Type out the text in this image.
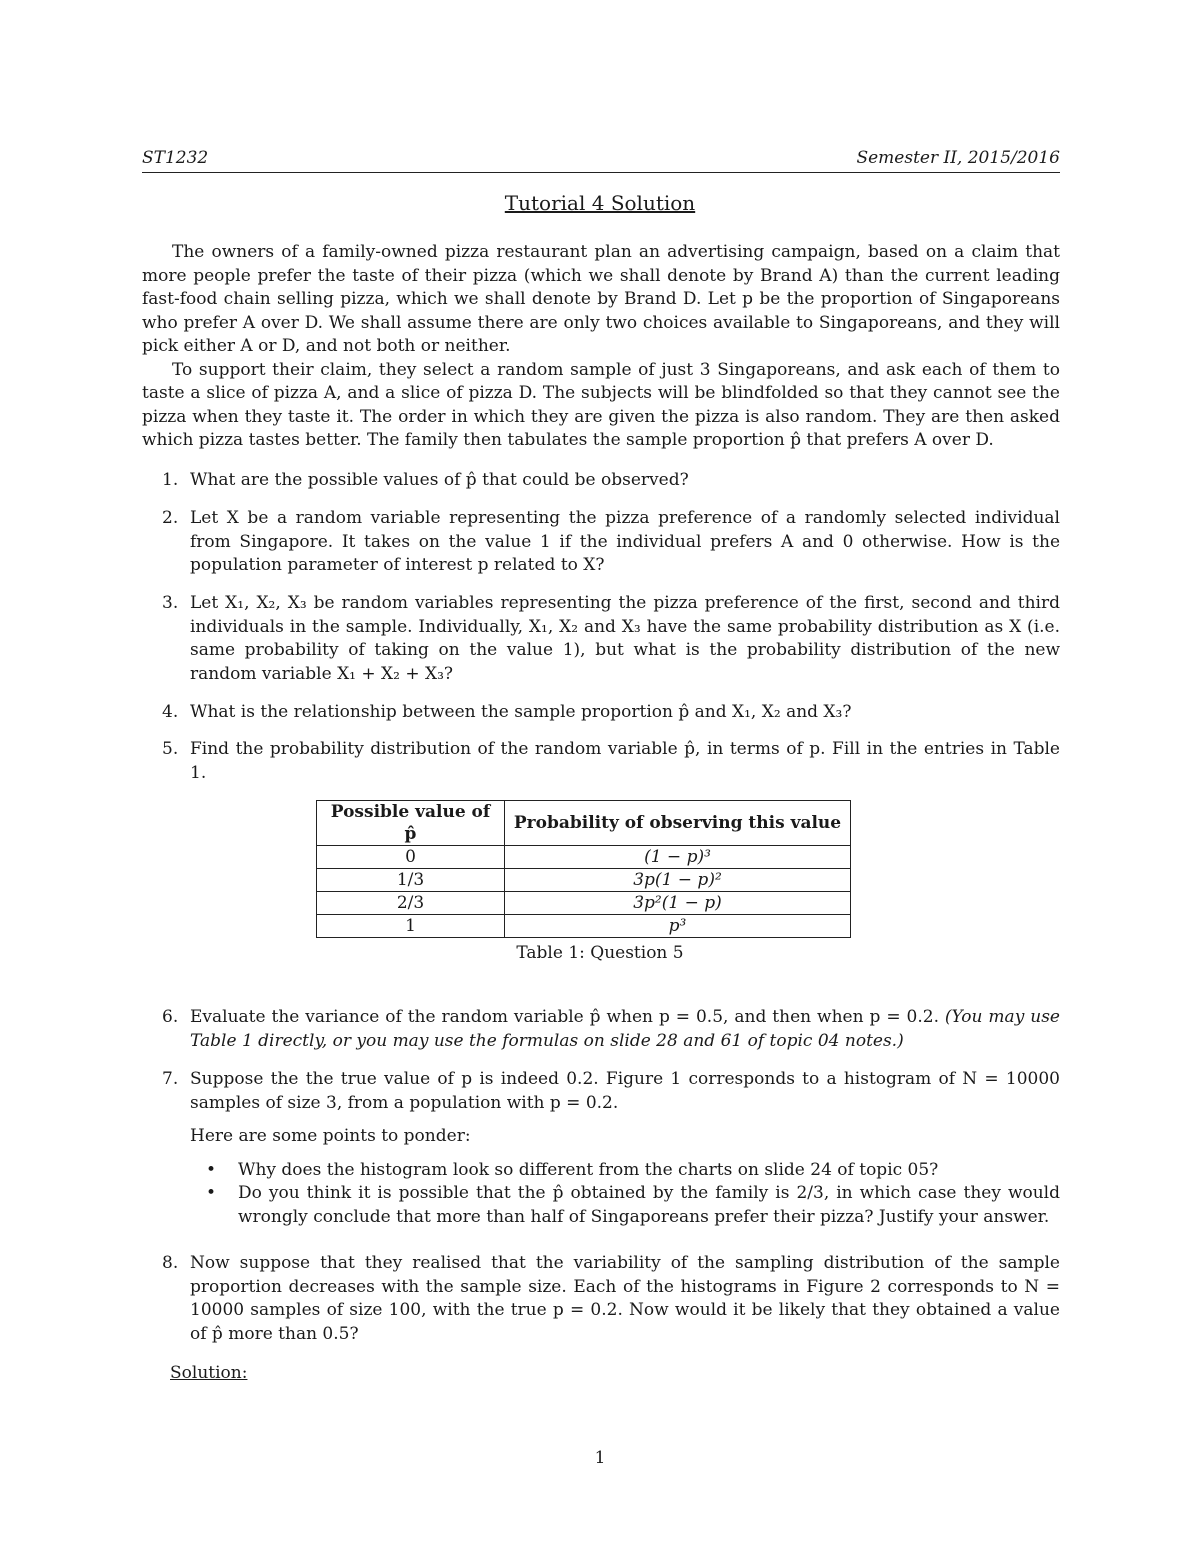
ST1232	Semester II, 2015/2016
Tutorial 4 Solution

The owners of a family-owned pizza restaurant plan an advertising campaign, based on a claim that more people prefer the taste of their pizza (which we shall denote by Brand A) than the current leading fast-food chain selling pizza, which we shall denote by Brand D. Let p be the proportion of Singaporeans who prefer A over D. We shall assume there are only two choices available to Singaporeans, and they will pick either A or D, and not both or neither.

To support their claim, they select a random sample of just 3 Singaporeans, and ask each of them to taste a slice of pizza A, and a slice of pizza D. The subjects will be blindfolded so that they cannot see the pizza when they taste it. The order in which they are given the pizza is also random. They are then asked which pizza tastes better. The family then tabulates the sample proportion p̂ that prefers A over D.

1. What are the possible values of p̂ that could be observed?

2. Let X be a random variable representing the pizza preference of a randomly selected individual from Singapore. It takes on the value 1 if the individual prefers A and 0 otherwise. How is the population parameter of interest p related to X?

3. Let X₁, X₂, X₃ be random variables representing the pizza preference of the first, second and third individuals in the sample. Individually, X₁, X₂ and X₃ have the same probability distribution as X (i.e. same probability of taking on the value 1), but what is the probability distribution of the new random variable X₁ + X₂ + X₃?

4. What is the relationship between the sample proportion p̂ and X₁, X₂ and X₃?

5. Find the probability distribution of the random variable p̂, in terms of p. Fill in the entries in Table 1.

Possible value of p̂	Probability of observing this value
0	(1 − p)³
1/3	3p(1 − p)²
2/3	3p²(1 − p)
1	p³
Table 1: Question 5
6. Evaluate the variance of the random variable p̂ when p = 0.5, and then when p = 0.2. (You may use Table 1 directly, or you may use the formulas on slide 28 and 61 of topic 04 notes.)

7. Suppose the the true value of p is indeed 0.2. Figure 1 corresponds to a histogram of N = 10000 samples of size 3, from a population with p = 0.2.

Here are some points to ponder:

• Why does the histogram look so different from the charts on slide 24 of topic 05?
• Do you think it is possible that the p̂ obtained by the family is 2/3, in which case they would wrongly conclude that more than half of Singaporeans prefer their pizza? Justify your answer.
8. Now suppose that they realised that the variability of the sampling distribution of the sample proportion decreases with the sample size. Each of the histograms in Figure 2 corresponds to N = 10000 samples of size 100, with the true p = 0.2. Now would it be likely that they obtained a value of p̂ more than 0.5?

Solution:
1
